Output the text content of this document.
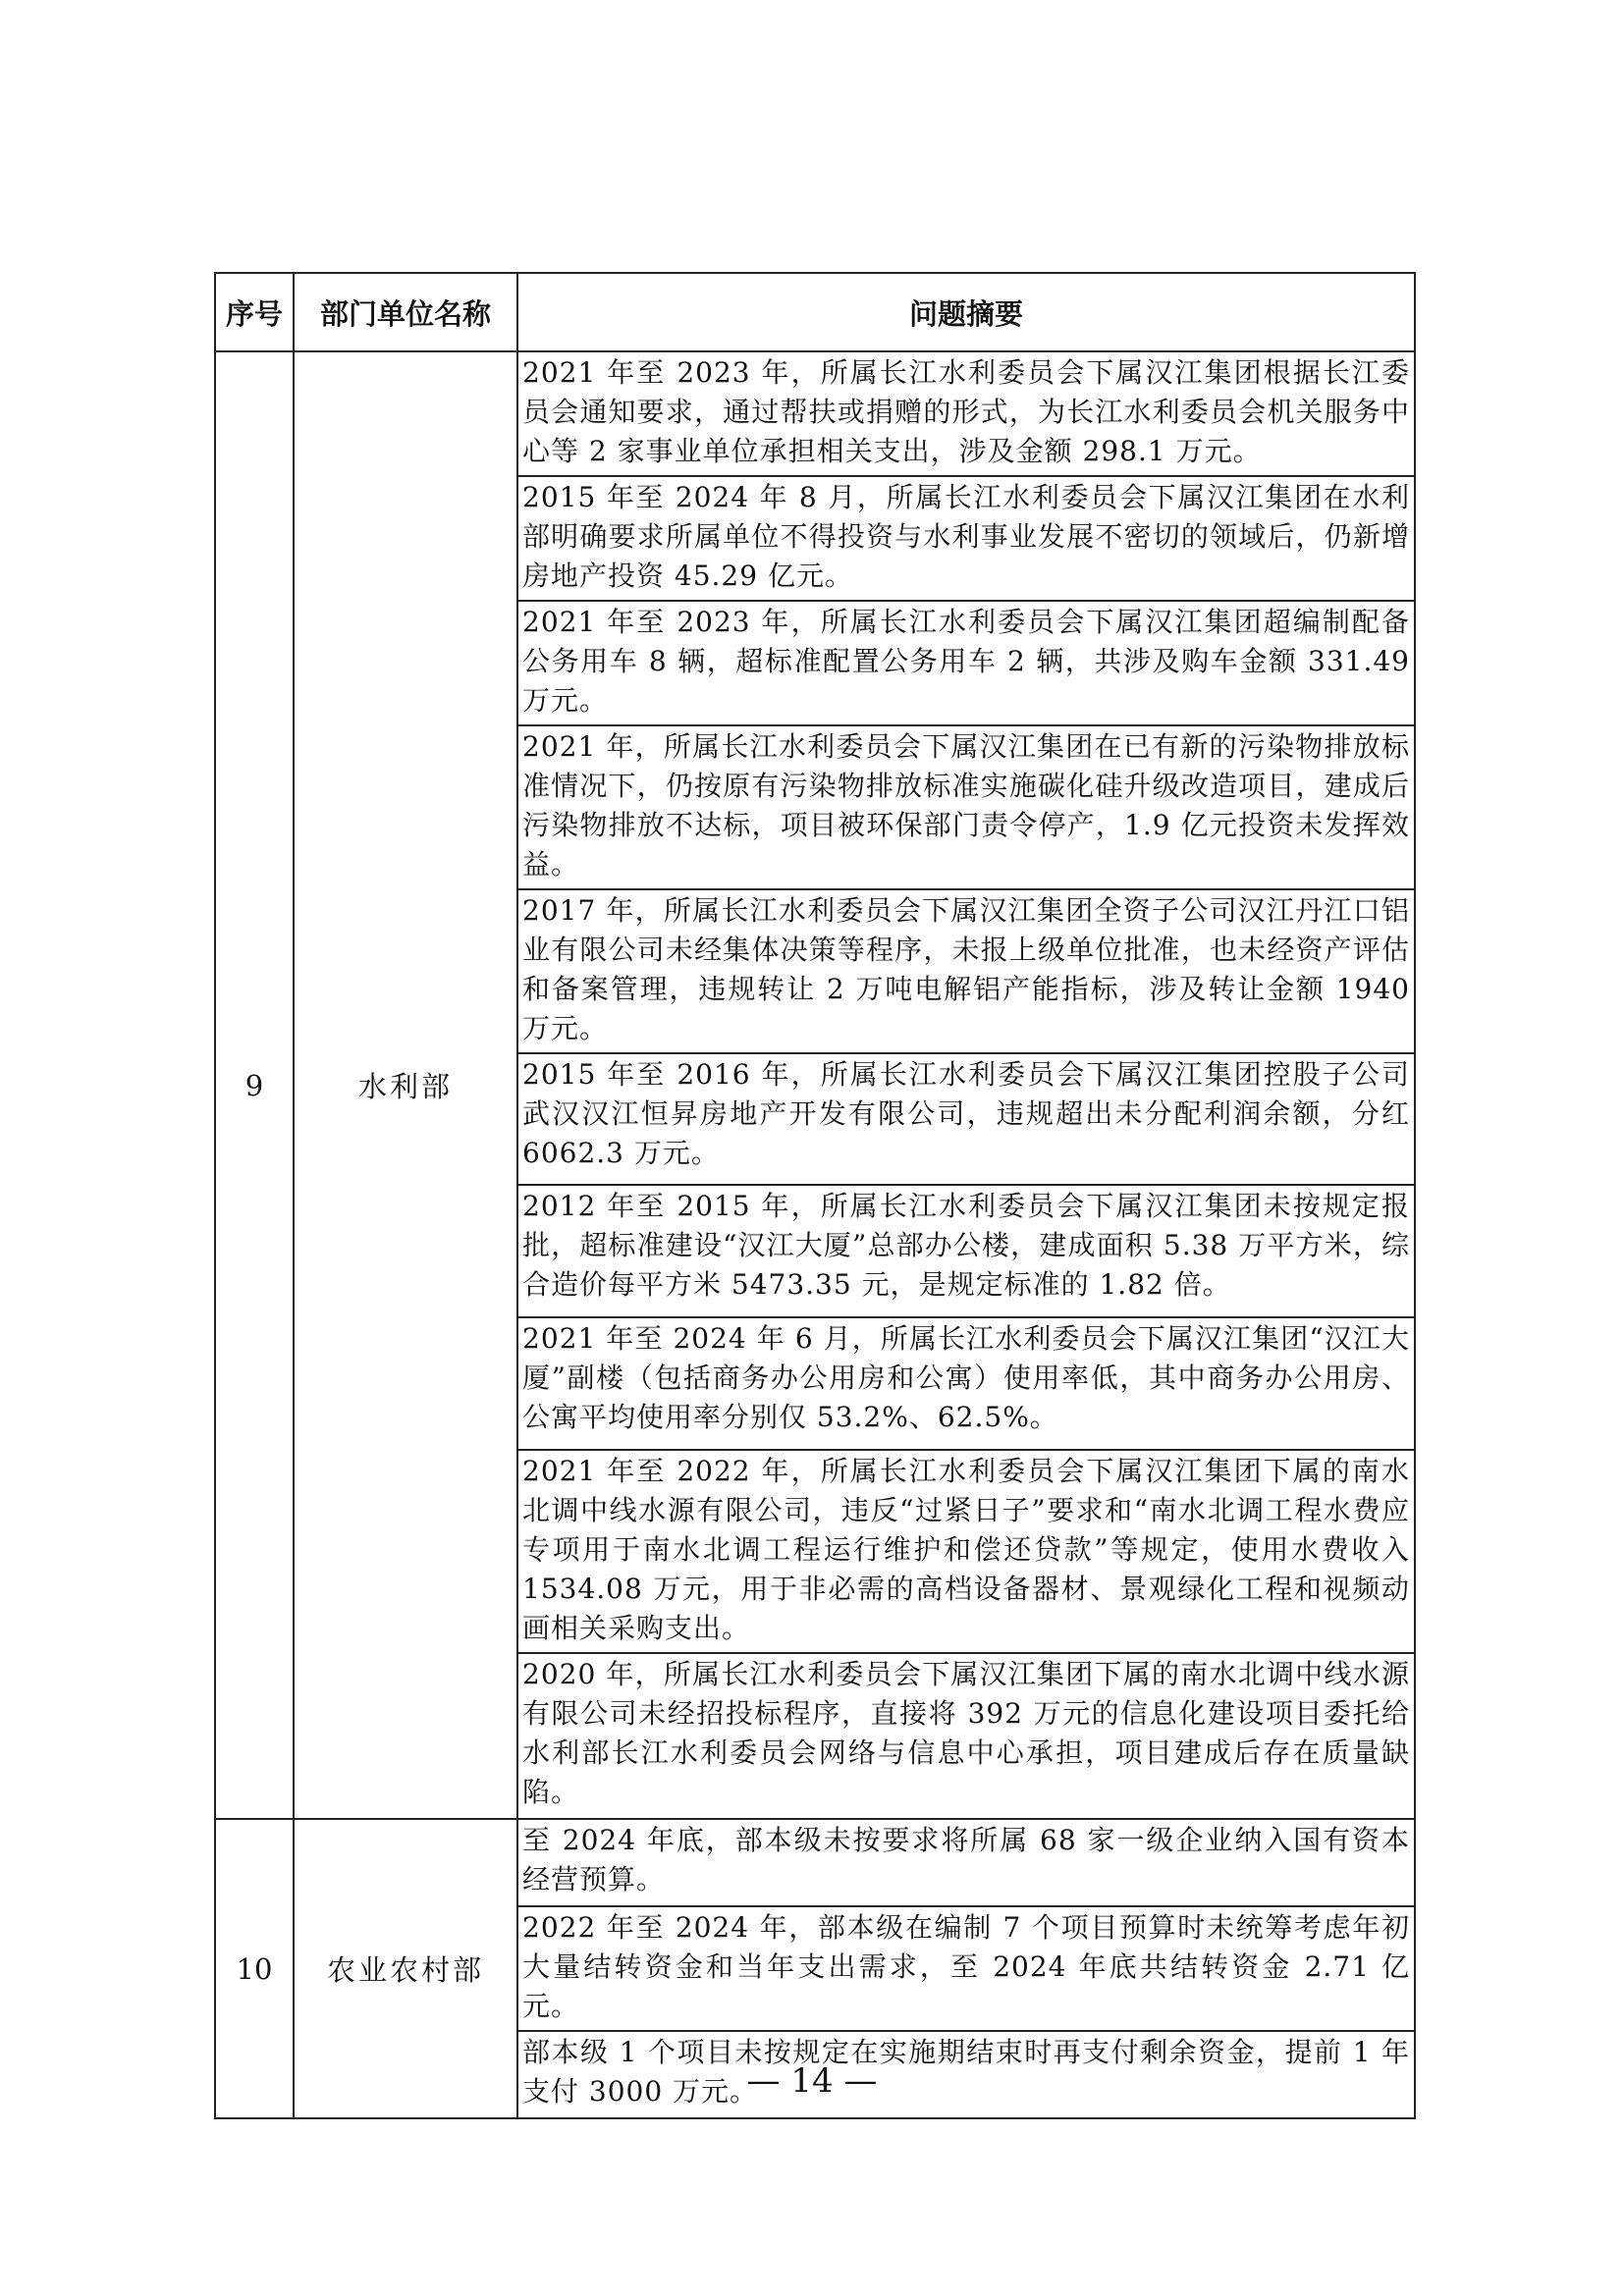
序号	部门单位名称	问题摘要
9	水利部	2021 年至 2023 年，所属长江水利委员会下属汉江集团根据长江委员会通知要求，通过帮扶或捐赠的形式，为长江水利委员会机关服务中心等 2 家事业单位承担相关支出，涉及金额 298.1 万元。
		2015 年至 2024 年 8 月，所属长江水利委员会下属汉江集团在水利部明确要求所属单位不得投资与水利事业发展不密切的领域后，仍新增房地产投资 45.29 亿元。
		2021 年至 2023 年，所属长江水利委员会下属汉江集团超编制配备公务用车 8 辆，超标准配置公务用车 2 辆，共涉及购车金额 331.49 万元。
		2021 年，所属长江水利委员会下属汉江集团在已有新的污染物排放标准情况下，仍按原有污染物排放标准实施碳化硅升级改造项目，建成后污染物排放不达标，项目被环保部门责令停产，1.9 亿元投资未发挥效益。
		2017 年，所属长江水利委员会下属汉江集团全资子公司汉江丹江口铝业有限公司未经集体决策等程序，未报上级单位批准，也未经资产评估和备案管理，违规转让 2 万吨电解铝产能指标，涉及转让金额 1940 万元。
		2015 年至 2016 年，所属长江水利委员会下属汉江集团控股子公司武汉汉江恒昇房地产开发有限公司，违规超出未分配利润余额，分红 6062.3 万元。
		2012 年至 2015 年，所属长江水利委员会下属汉江集团未按规定报批，超标准建设“汉江大厦”总部办公楼，建成面积 5.38 万平方米，综合造价每平方米 5473.35 元，是规定标准的 1.82 倍。
		2021 年至 2024 年 6 月，所属长江水利委员会下属汉江集团“汉江大厦”副楼（包括商务办公用房和公寓）使用率低，其中商务办公用房、公寓平均使用率分别仅 53.2%、62.5%。
		2021 年至 2022 年，所属长江水利委员会下属汉江集团下属的南水北调中线水源有限公司，违反“过紧日子”要求和“南水北调工程水费应专项用于南水北调工程运行维护和偿还贷款”等规定，使用水费收入 1534.08 万元，用于非必需的高档设备器材、景观绿化工程和视频动画相关采购支出。
		2020 年，所属长江水利委员会下属汉江集团下属的南水北调中线水源有限公司未经招投标程序，直接将 392 万元的信息化建设项目委托给水利部长江水利委员会网络与信息中心承担，项目建成后存在质量缺陷。
10	农业农村部	至 2024 年底，部本级未按要求将所属 68 家一级企业纳入国有资本经营预算。
		2022 年至 2024 年，部本级在编制 7 个项目预算时未统筹考虑年初大量结转资金和当年支出需求，至 2024 年底共结转资金 2.71 亿元。
		部本级 1 个项目未按规定在实施期结束时再支付剩余资金，提前 1 年支付 3000 万元。
— 14 —
